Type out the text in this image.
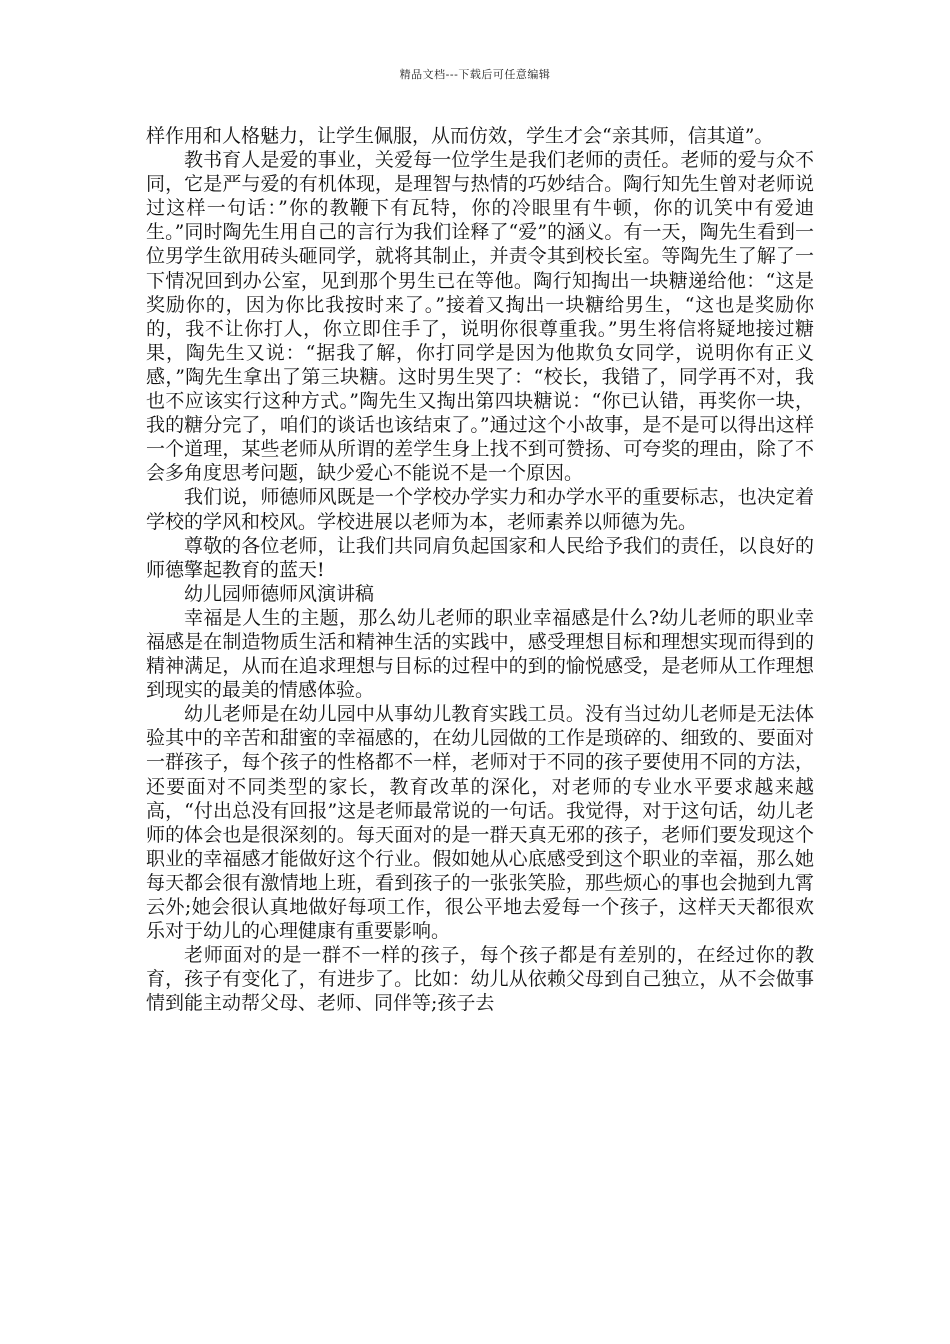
精品文档---下载后可任意编辑

样作用和人格魅力，让学生佩服，从而仿效，学生才会“亲其师，信其道”。

教书育人是爱的事业，关爱每一位学生是我们老师的责任。老师的爱与众不同，它是严与爱的有机体现，是理智与热情的巧妙结合。陶行知先生曾对老师说过这样一句话：”你的教鞭下有瓦特，你的冷眼里有牛顿，你的讥笑中有爱迪生。”同时陶先生用自己的言行为我们诠释了“爱”的涵义。有一天，陶先生看到一位男学生欲用砖头砸同学，就将其制止，并责令其到校长室。等陶先生了解了一下情况回到办公室，见到那个男生已在等他。陶行知掏出一块糖递给他：“这是奖励你的，因为你比我按时来了。”接着又掏出一块糖给男生，“这也是奖励你的，我不让你打人，你立即住手了，说明你很尊重我。”男生将信将疑地接过糖果，陶先生又说：“据我了解，你打同学是因为他欺负女同学，说明你有正义感，”陶先生拿出了第三块糖。这时男生哭了：“校长，我错了，同学再不对，我也不应该实行这种方式。”陶先生又掏出第四块糖说：“你已认错，再奖你一块，我的糖分完了，咱们的谈话也该结束了。”通过这个小故事，是不是可以得出这样一个道理，某些老师从所谓的差学生身上找不到可赞扬、可夸奖的理由，除了不会多角度思考问题，缺少爱心不能说不是一个原因。

我们说，师德师风既是一个学校办学实力和办学水平的重要标志，也决定着学校的学风和校风。学校进展以老师为本，老师素养以师德为先。

尊敬的各位老师，让我们共同肩负起国家和人民给予我们的责任，以良好的师德擎起教育的蓝天!

幼儿园师德师风演讲稿

幸福是人生的主题，那么幼儿老师的职业幸福感是什么?幼儿老师的职业幸福感是在制造物质生活和精神生活的实践中，感受理想目标和理想实现而得到的精神满足，从而在追求理想与目标的过程中的到的愉悦感受，是老师从工作理想到现实的最美的情感体验。

幼儿老师是在幼儿园中从事幼儿教育实践工员。没有当过幼儿老师是无法体验其中的辛苦和甜蜜的幸福感的，在幼儿园做的工作是琐碎的、细致的、要面对一群孩子，每个孩子的性格都不一样，老师对于不同的孩子要使用不同的方法，还要面对不同类型的家长，教育改革的深化，对老师的专业水平要求越来越高，“付出总没有回报”这是老师最常说的一句话。我觉得，对于这句话，幼儿老师的体会也是很深刻的。每天面对的是一群天真无邪的孩子，老师们要发现这个职业的幸福感才能做好这个行业。假如她从心底感受到这个职业的幸福，那么她每天都会很有激情地上班，看到孩子的一张张笑脸，那些烦心的事也会抛到九霄云外;她会很认真地做好每项工作，很公平地去爱每一个孩子，这样天天都很欢乐对于幼儿的心理健康有重要影响。

老师面对的是一群不一样的孩子，每个孩子都是有差别的，在经过你的教育，孩子有变化了，有进步了。比如：幼儿从依赖父母到自己独立，从不会做事情到能主动帮父母、老师、同伴等;孩子去
